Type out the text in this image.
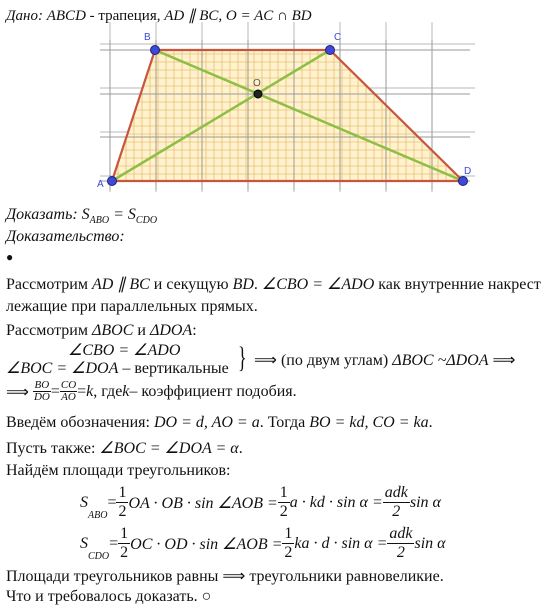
Дано: ABCD - трапеция, AD ∥ BC, O = AC ∩ BD
A
B	C
D
O
Доказать: $S_{ABO} = S_{CDO}$
Доказательство:
●
Рассмотрим AD ∥ BC и секущую BD. ∠CBO = ∠ADO как внутренние накрест
лежащие при параллельных прямых.
Рассмотрим ΔBOC и ΔDOA:
∠CBO = ∠ADO
∠BOC = ∠DOA – вертикальные } ⟹ (по двум углам) ΔBOC ~ΔDOA ⟹
⟹
$\frac{BO}{DO} = \frac{CO}{AO} = k$ , где k – коэффициент подобия.
Введём обозначения: DO = d, AO = a. Тогда BO = kd, CO = ka.
Пусть также: ∠BOC = ∠DOA = α.
Найдём площади треугольников:
S
$_{ABO}$
= $\frac{1}{2}$ OA · OB · sin ∠AOB = $\frac{1}{2}$ a · kd · $\sin \alpha = \frac{\text{adk}}{2}$ sin α
S
$_{CDO}$
= $\frac{1}{2}$ OC · OD · sin ∠AOB = $\frac{1}{2}$ ka · $d \cdot \sin \alpha = \frac{\text{adk}}{2}$ sin α
Площади треугольников равны ⟹ треугольники равновеликие.
Что и требовалось доказать. ○
